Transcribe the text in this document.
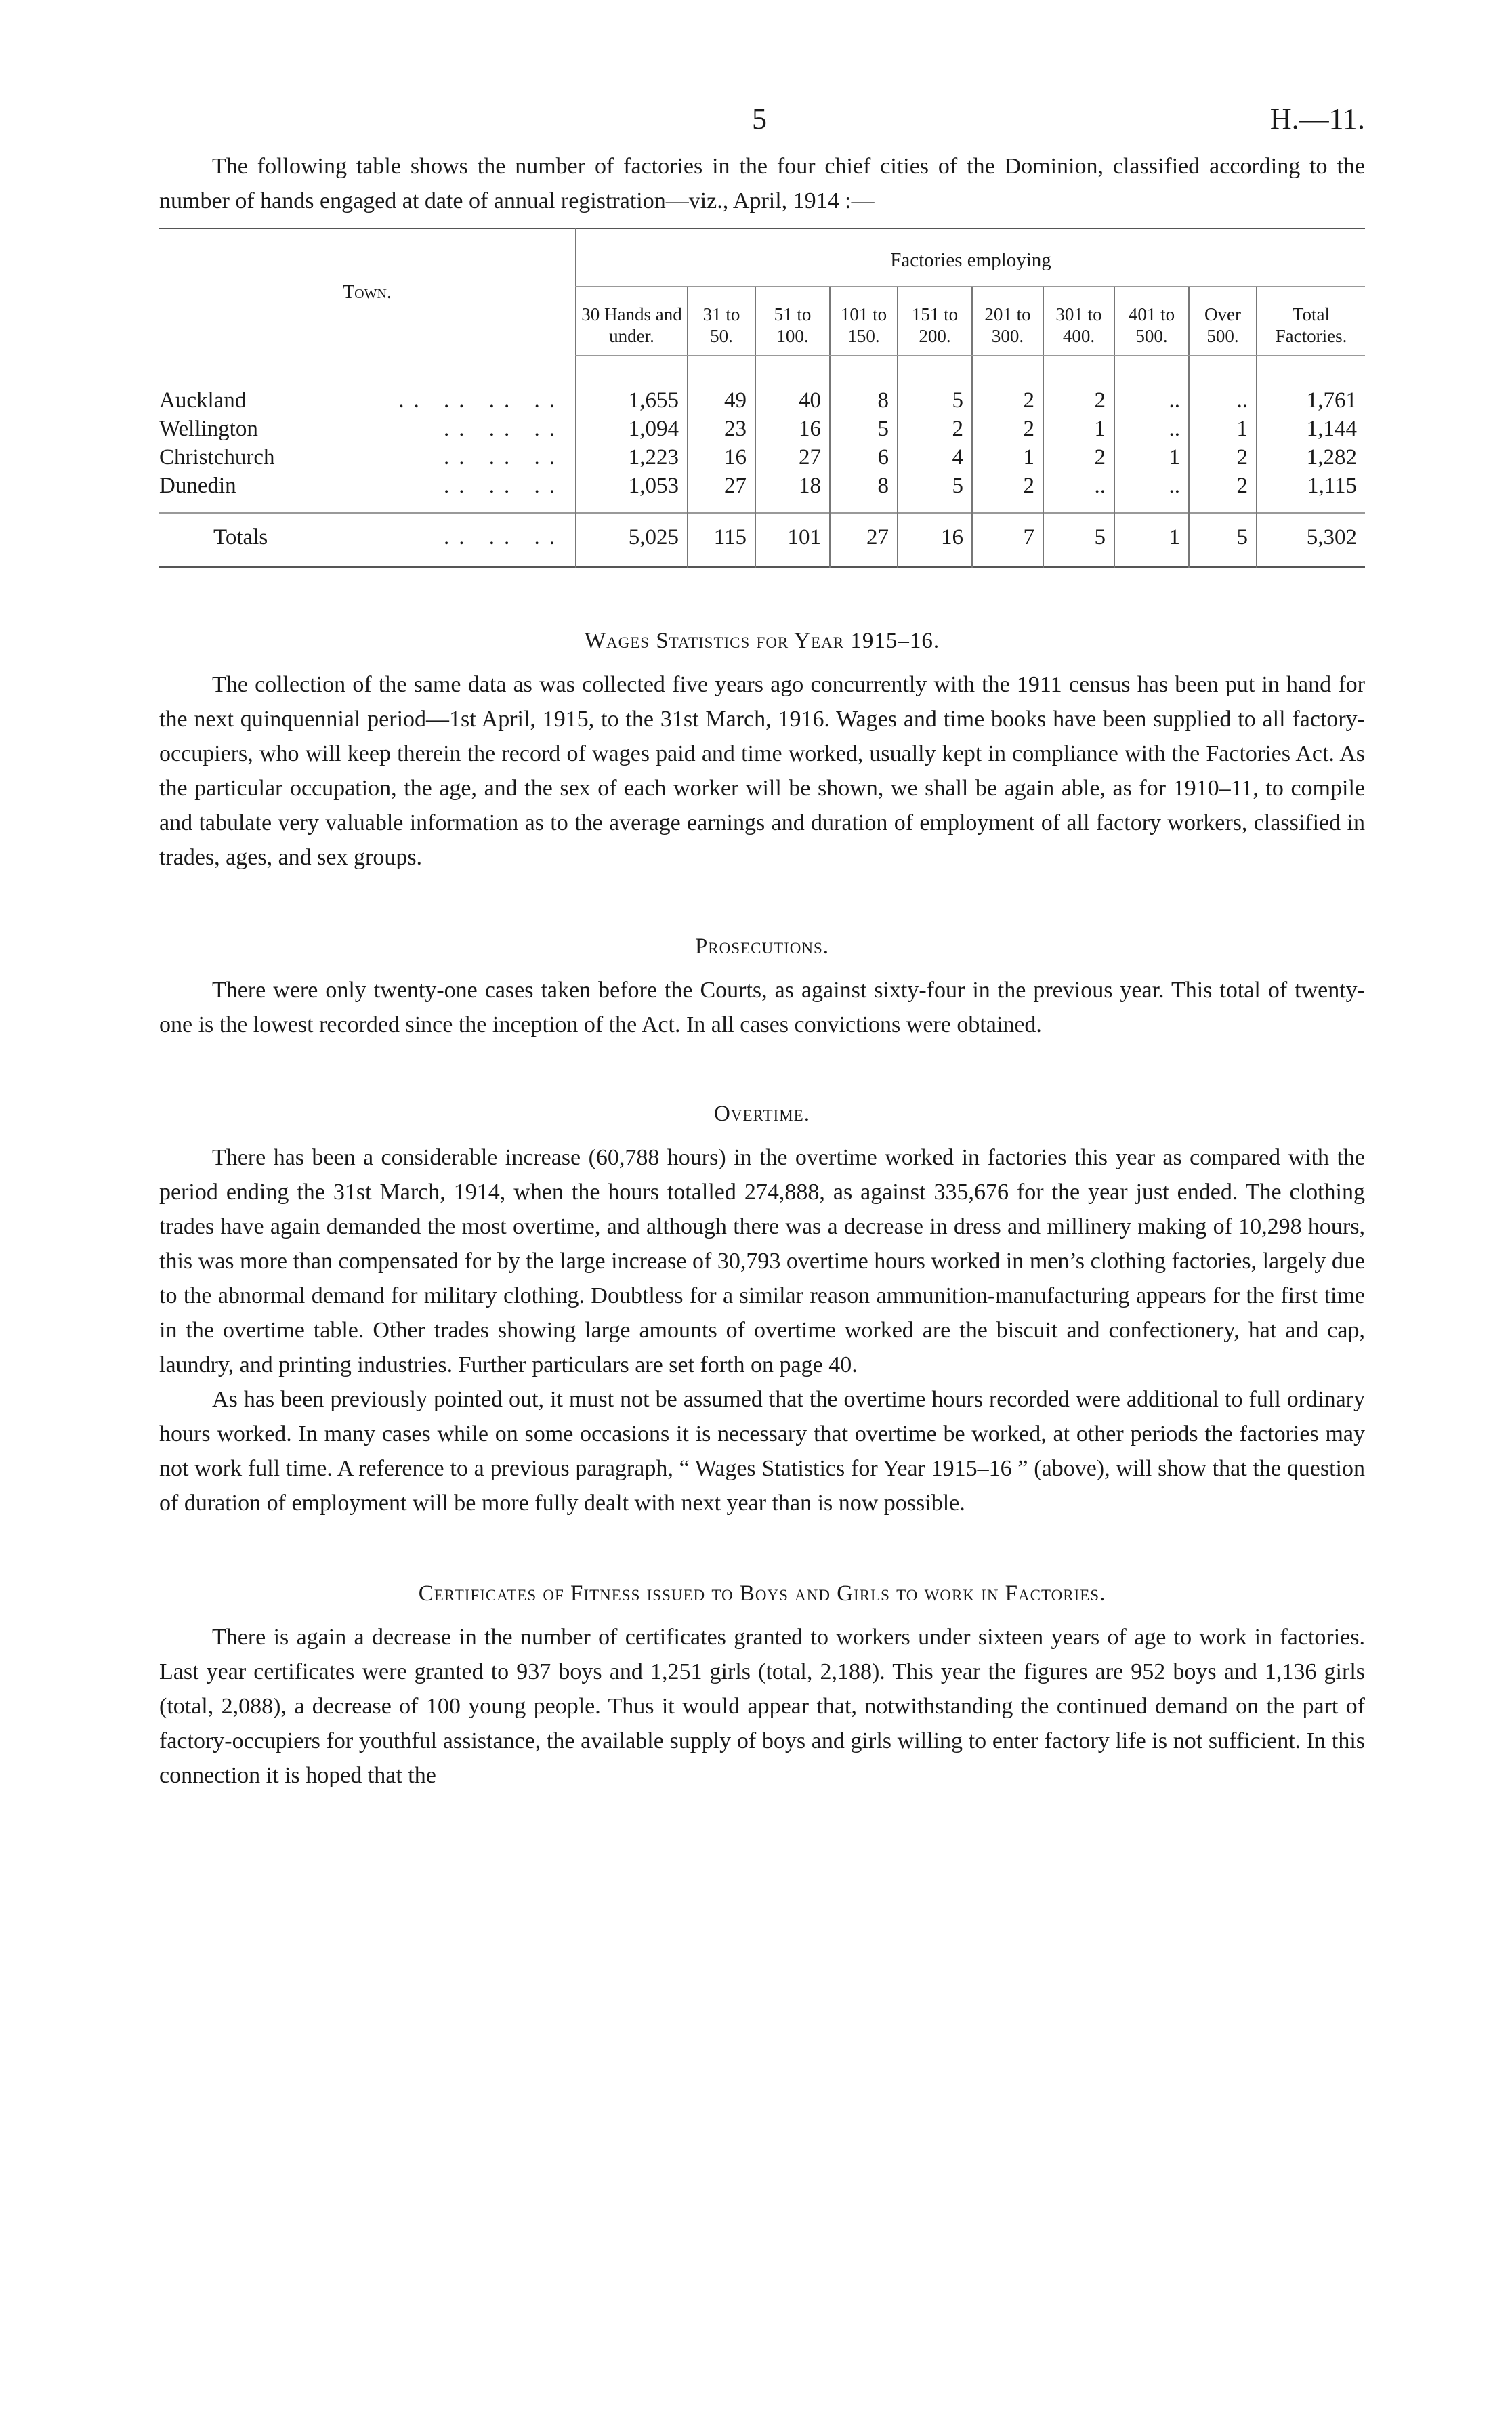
5	H.—11.

The following table shows the number of factories in the four chief cities of the Dominion, classified according to the number of hands engaged at date of annual registration—viz., April, 1914 :—

Town.	Factories employing									
	30 Hands and under.	31 to 50.	51 to 100.	101 to 150.	151 to 200.	201 to 300.	301 to 400.	401 to 500.	Over 500.	Total Factories.
Auckland .. .. .. ..	1,655	49	40	8	5	2	2	..	..	1,761
Wellington .. .. ..	1,094	23	16	5	2	2	1	..	1	1,144
Christchurch .. .. ..	1,223	16	27	6	4	1	2	1	2	1,282
Dunedin .. .. ..	1,053	27	18	8	5	2	..	..	2	1,115
Totals .. .. ..	5,025	115	101	27	16	7	5	1	5	5,302
Wages Statistics for Year 1915–16.

The collection of the same data as was collected five years ago concurrently with the 1911 census has been put in hand for the next quinquennial period—1st April, 1915, to the 31st March, 1916. Wages and time books have been supplied to all factory-occupiers, who will keep therein the record of wages paid and time worked, usually kept in compliance with the Factories Act. As the particular occupation, the age, and the sex of each worker will be shown, we shall be again able, as for 1910–11, to compile and tabulate very valuable information as to the average earnings and duration of employment of all factory workers, classified in trades, ages, and sex groups.

Prosecutions.

There were only twenty-one cases taken before the Courts, as against sixty-four in the previous year. This total of twenty-one is the lowest recorded since the inception of the Act. In all cases convictions were obtained.

Overtime.

There has been a considerable increase (60,788 hours) in the overtime worked in factories this year as compared with the period ending the 31st March, 1914, when the hours totalled 274,888, as against 335,676 for the year just ended. The clothing trades have again demanded the most overtime, and although there was a decrease in dress and millinery making of 10,298 hours, this was more than compensated for by the large increase of 30,793 overtime hours worked in men’s clothing factories, largely due to the abnormal demand for military clothing. Doubtless for a similar reason ammunition-manufacturing appears for the first time in the overtime table. Other trades showing large amounts of overtime worked are the biscuit and confectionery, hat and cap, laundry, and printing industries. Further particulars are set forth on page 40.

As has been previously pointed out, it must not be assumed that the overtime hours recorded were additional to full ordinary hours worked. In many cases while on some occasions it is necessary that overtime be worked, at other periods the factories may not work full time. A reference to a previous paragraph, “ Wages Statistics for Year 1915–16 ” (above), will show that the question of duration of employment will be more fully dealt with next year than is now possible.

Certificates of Fitness issued to Boys and Girls to work in Factories.

There is again a decrease in the number of certificates granted to workers under sixteen years of age to work in factories. Last year certificates were granted to 937 boys and 1,251 girls (total, 2,188). This year the figures are 952 boys and 1,136 girls (total, 2,088), a decrease of 100 young people. Thus it would appear that, notwithstanding the continued demand on the part of factory-occupiers for youthful assistance, the available supply of boys and girls willing to enter factory life is not sufficient. In this connection it is hoped that the
